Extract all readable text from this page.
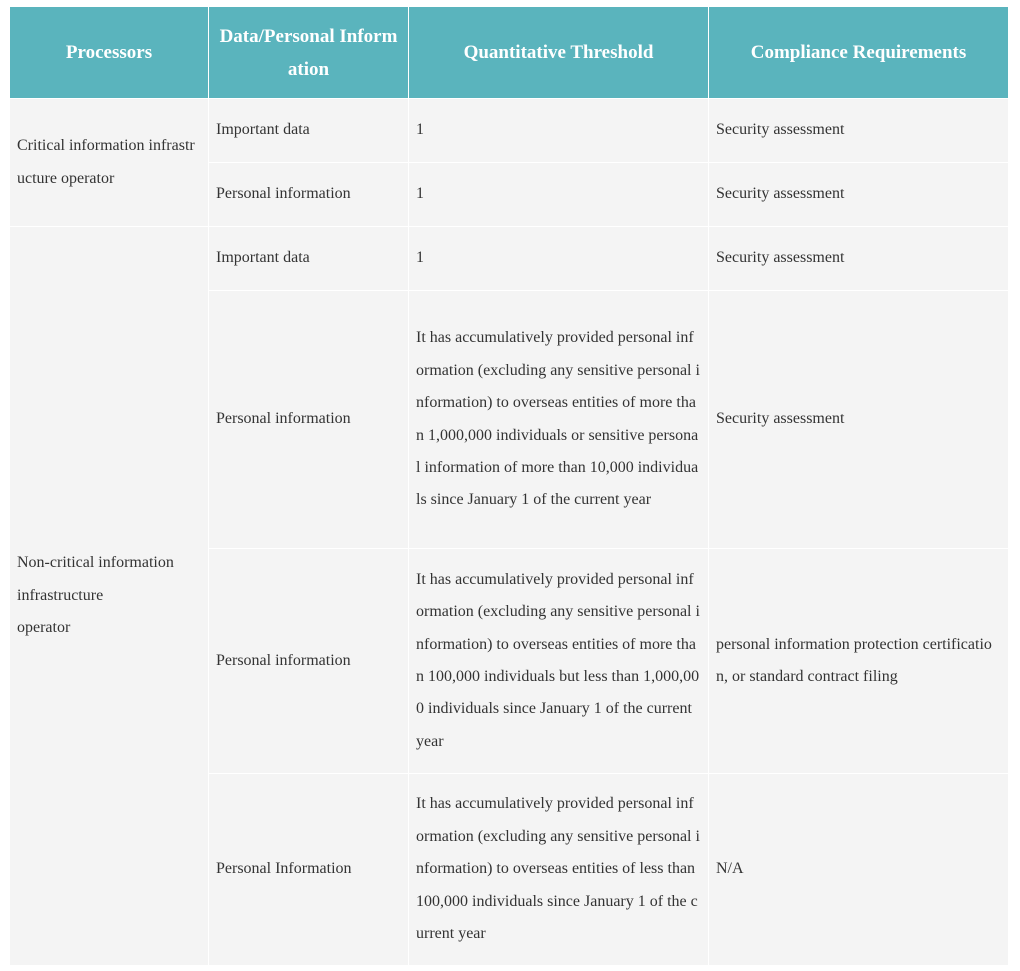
Processors	Data/Personal Information	Quantitative Threshold	Compliance Requirements
Critical information infrastructure operator	Important data	1	Security assessment
	Personal information	1	Security assessment
Non-critical information
infrastructure
operator	Important data	1	Security assessment
	Personal information	It has accumulatively provided personal information (excluding any sensitive personal information) to overseas entities of more than 1,000,000 individuals or sensitive personal information of more than 10,000 individuals since January 1 of the current year	Security assessment
	Personal information	It has accumulatively provided personal information (excluding any sensitive personal information) to overseas entities of more than 100,000 individuals but less than 1,000,000 individuals since January 1 of the current year	personal information protection certification, or standard contract filing
	Personal Information	It has accumulatively provided personal information (excluding any sensitive personal information) to overseas entities of less than 100,000 individuals since January 1 of the current year	N/A
